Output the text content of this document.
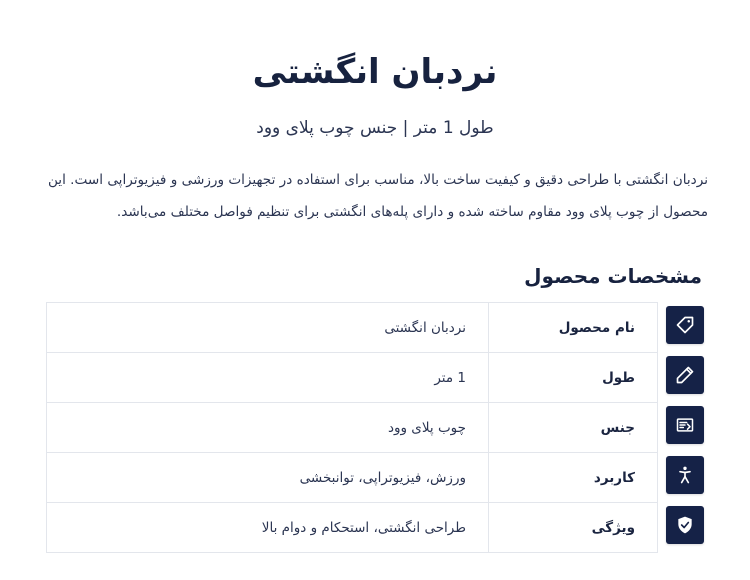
نردبان انگشتی
طول 1 متر | جنس چوب پلای وود

نردبان انگشتی با طراحی دقیق و کیفیت ساخت بالا، مناسب برای استفاده در تجهیزات ورزشی و فیزیوتراپی است. این

محصول از چوب پلای وود مقاوم ساخته شده و دارای پله‌های انگشتی برای تنظیم فواصل مختلف می‌باشد.

مشخصات محصول
نام محصول
نردبان انگشتی
طول
1 متر
جنس
چوب پلای وود
کاربرد
ورزش، فیزیوتراپی، توانبخشی
ویژگی
طراحی انگشتی، استحکام و دوام بالا
